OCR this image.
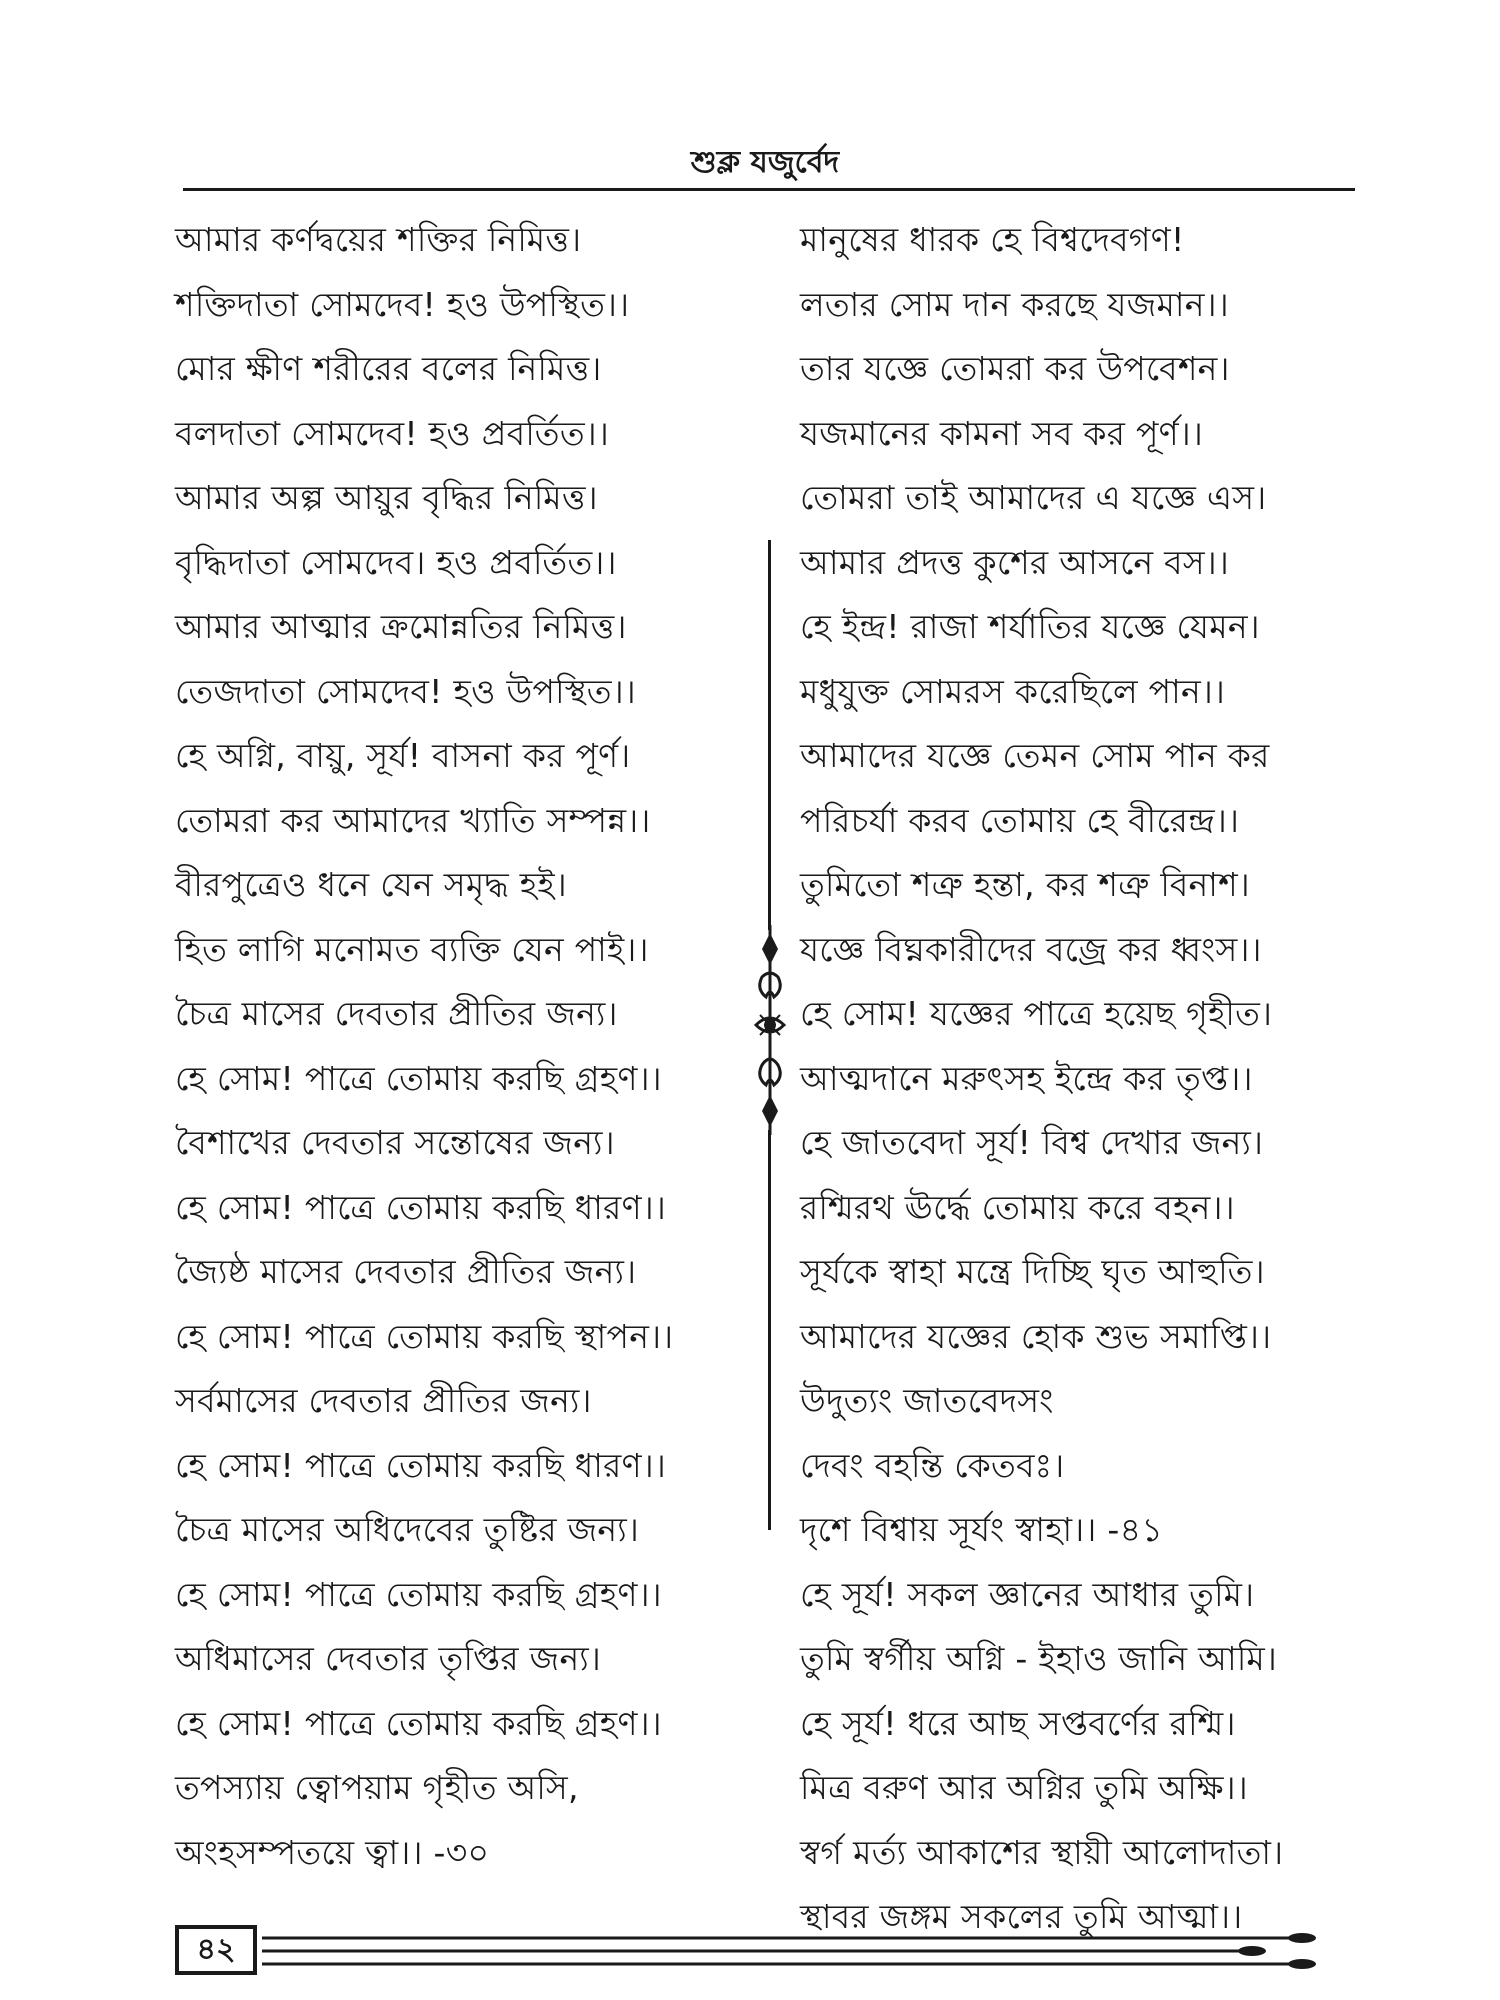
শুক্ল যজুর্বেদ
আমার কর্ণদ্বয়ের শক্তির নিমিত্ত।
শক্তিদাতা সোমদেব! হও উপস্থিত।।
মোর ক্ষীণ শরীরের বলের নিমিত্ত।
বলদাতা সোমদেব! হও প্রবর্তিত।।
আমার অল্প আয়ুর বৃদ্ধির নিমিত্ত।
বৃদ্ধিদাতা সোমদেব। হও প্রবর্তিত।।
আমার আত্মার ক্রমোন্নতির নিমিত্ত।
তেজদাতা সোমদেব! হও উপস্থিত।।
হে অগ্নি, বায়ু, সূর্য! বাসনা কর পূর্ণ।
তোমরা কর আমাদের খ্যাতি সম্পন্ন।।
বীরপুত্রেও ধনে যেন সমৃদ্ধ হই।
হিত লাগি মনোমত ব্যক্তি যেন পাই।।
চৈত্র মাসের দেবতার প্রীতির জন্য।
হে সোম! পাত্রে তোমায় করছি গ্রহণ।।
বৈশাখের দেবতার সন্তোষের জন্য।
হে সোম! পাত্রে তোমায় করছি ধারণ।।
জ্যৈষ্ঠ মাসের দেবতার প্রীতির জন্য।
হে সোম! পাত্রে তোমায় করছি স্থাপন।।
সর্বমাসের দেবতার প্রীতির জন্য।
হে সোম! পাত্রে তোমায় করছি ধারণ।।
চৈত্র মাসের অধিদেবের তুষ্টির জন্য।
হে সোম! পাত্রে তোমায় করছি গ্রহণ।।
অধিমাসের দেবতার তৃপ্তির জন্য।
হে সোম! পাত্রে তোমায় করছি গ্রহণ।।
তপস্যায় ত্বোপয়াম গৃহীত অসি,
অংহসম্পতয়ে ত্বা।। -৩০
মানুষের ধারক হে বিশ্বদেবগণ!
লতার সোম দান করছে যজমান।।
তার যজ্ঞে তোমরা কর উপবেশন।
যজমানের কামনা সব কর পূর্ণ।।
তোমরা তাই আমাদের এ যজ্ঞে এস।
আমার প্রদত্ত কুশের আসনে বস।।
হে ইন্দ্র! রাজা শর্যাতির যজ্ঞে যেমন।
মধুযুক্ত সোমরস করেছিলে পান।।
আমাদের যজ্ঞে তেমন সোম পান কর
পরিচর্যা করব তোমায় হে বীরেন্দ্র।।
তুমিতো শত্রু হন্তা, কর শত্রু বিনাশ।
যজ্ঞে বিঘ্নকারীদের বজ্রে কর ধ্বংস।।
হে সোম! যজ্ঞের পাত্রে হয়েছ গৃহীত।
আত্মদানে মরুৎসহ ইন্দ্রে কর তৃপ্ত।।
হে জাতবেদা সূর্য! বিশ্ব দেখার জন্য।
রশ্মিরথ ঊর্দ্ধে তোমায় করে বহন।।
সূর্যকে স্বাহা মন্ত্রে দিচ্ছি ঘৃত আহুতি।
আমাদের যজ্ঞের হোক শুভ সমাপ্তি।।
উদুত্যং জাতবেদসং
দেবং বহন্তি কেতবঃ।
দৃশে বিশ্বায় সূর্যং স্বাহা।। -৪১
হে সূর্য! সকল জ্ঞানের আধার তুমি।
তুমি স্বর্গীয় অগ্নি - ইহাও জানি আমি।
হে সূর্য! ধরে আছ সপ্তবর্ণের রশ্মি।
মিত্র বরুণ আর অগ্নির তুমি অক্ষি।।
স্বর্গ মর্ত্য আকাশের স্থায়ী আলোদাতা।
স্থাবর জঙ্গম সকলের তুমি আত্মা।।
৪২
